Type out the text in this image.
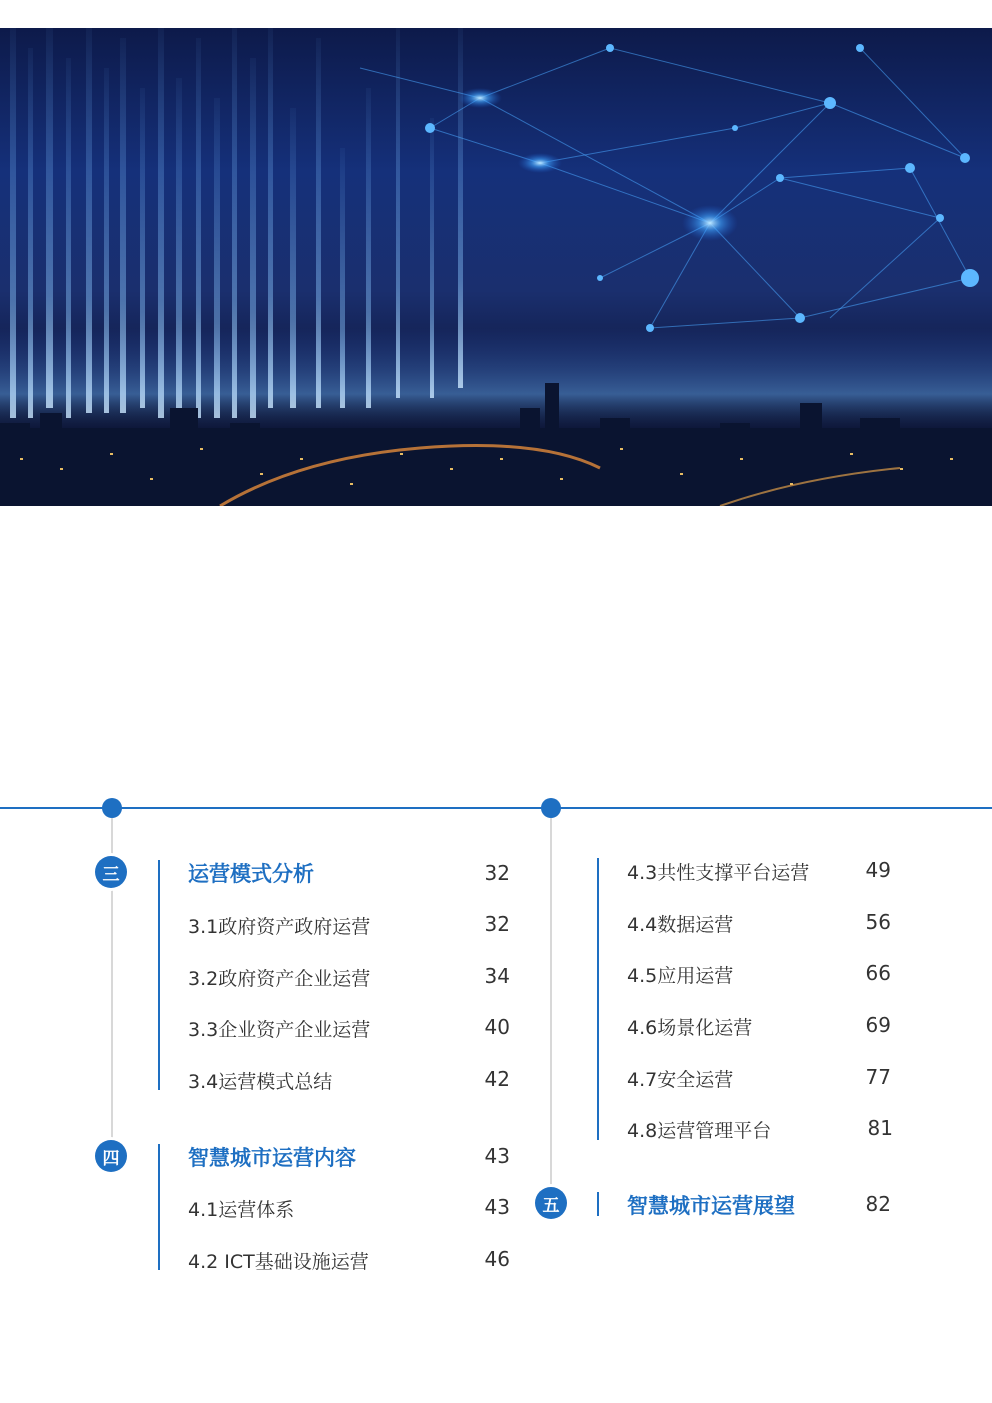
三	运营模式分析	32
3.1政府资产政府运营	32
3.2政府资产企业运营	34
3.3企业资产企业运营	40
3.4运营模式总结	42
四	智慧城市运营内容	43
4.1运营体系	43
4.2 ICT基础设施运营	46
4.3共性支撑平台运营	49
4.4数据运营	56
4.5应用运营	66
4.6场景化运营	69
4.7安全运营	77
4.8运营管理平台	81
五	智慧城市运营展望	82
